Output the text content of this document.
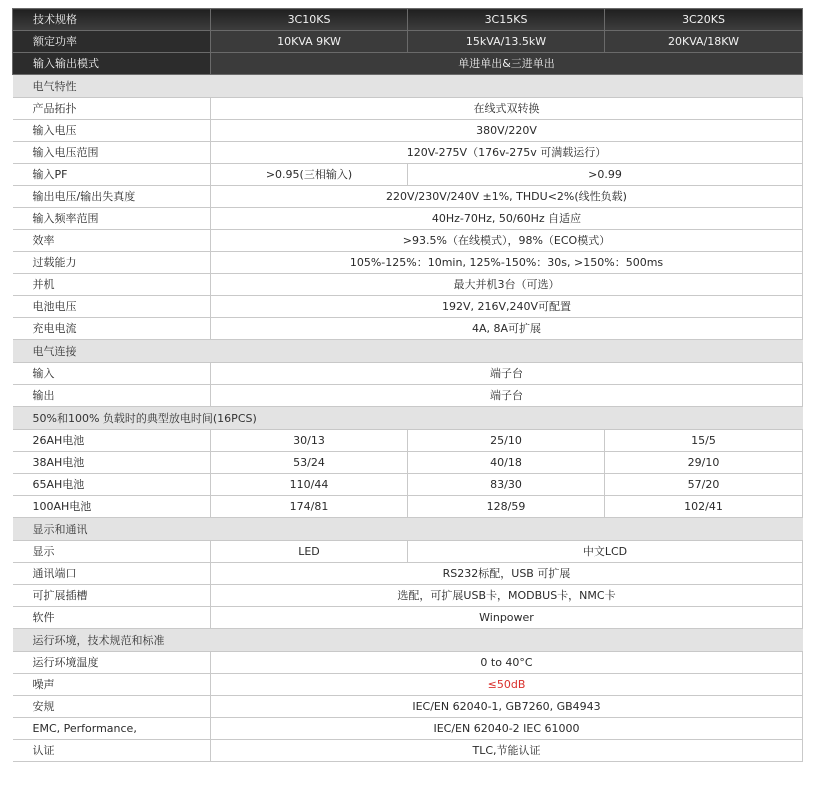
技术规格	3C10KS	3C15KS	3C20KS
额定功率	10KVA 9KW	15kVA/13.5kW	20KVA/18KW
输入输出模式	单进单出&三进单出		
电气特性			
产品拓扑	在线式双转换		
输入电压	380V/220V		
输入电压范围	120V-275V（176v-275v 可满载运行）		
输入PF	>0.95(三相输入)	>0.99	
输出电压/输出失真度	220V/230V/240V ±1%, THDU<2%(线性负载)		
输入频率范围	40Hz-70Hz, 50/60Hz 自适应		
效率	>93.5%（在线模式），98%（ECO模式）		
过载能力	105%-125%：10min, 125%-150%：30s, >150%：500ms		
并机	最大并机3台（可选）		
电池电压	192V, 216V,240V可配置		
充电电流	4A, 8A可扩展		
电气连接			
输入	端子台		
输出	端子台		
50%和100% 负载时的典型放电时间(16PCS)			
26AH电池	30/13	25/10	15/5
38AH电池	53/24	40/18	29/10
65AH电池	110/44	83/30	57/20
100AH电池	174/81	128/59	102/41
显示和通讯			
显示	LED	中文LCD	
通讯端口	RS232标配，USB 可扩展		
可扩展插槽	选配，可扩展USB卡，MODBUS卡，NMC卡		
软件	Winpower		
运行环境，技术规范和标准			
运行环境温度	0 to 40°C		
噪声	≤50dB		
安规	IEC/EN 62040-1, GB7260, GB4943		
EMC, Performance,	IEC/EN 62040-2 IEC 61000		
认证	TLC,节能认证		
